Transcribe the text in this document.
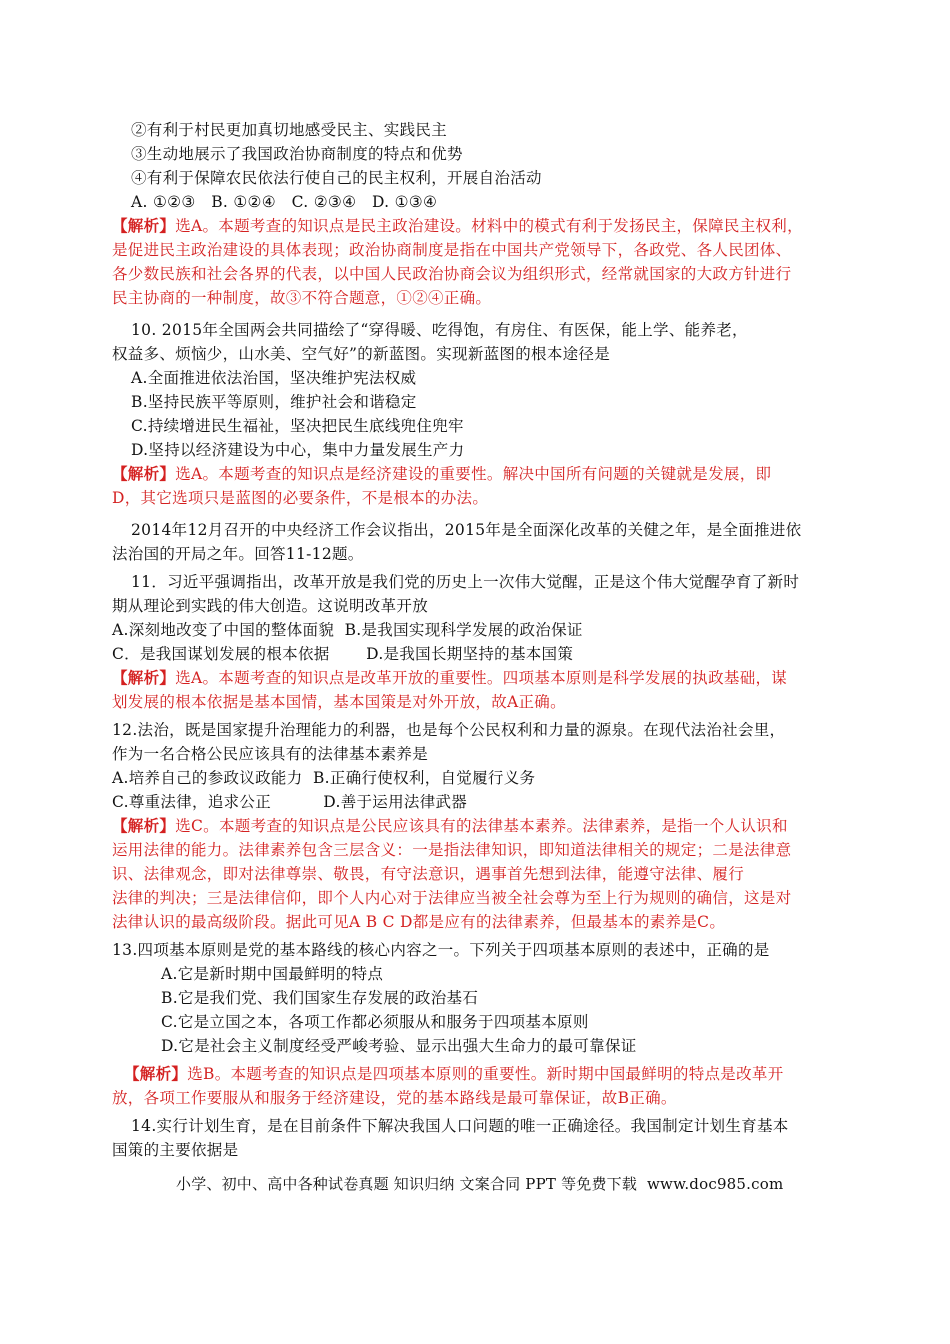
②有利于村民更加真切地感受民主、实践民主
③生动地展示了我国政治协商制度的特点和优势
④有利于保障农民依法行使自己的民主权利，开展自治活动
A. ①②③   B. ①②④   C. ②③④   D. ①③④
【解析】选A。本题考查的知识点是民主政治建设。材料中的模式有利于发扬民主，保障民主权利，
是促进民主政治建设的具体表现；政治协商制度是指在中国共产党领导下，各政党、各人民团体、
各少数民族和社会各界的代表，以中国人民政治协商会议为组织形式，经常就国家的大政方针进行
民主协商的一种制度，故③不符合题意，①②④正确。
10. 2015年全国两会共同描绘了“穿得暖、吃得饱，有房住、有医保，能上学、能养老，
权益多、烦恼少，山水美、空气好”的新蓝图。实现新蓝图的根本途径是
A.全面推进依法治国，坚决维护宪法权威
B.坚持民族平等原则，维护社会和谐稳定
C.持续增进民生福祉，坚决把民生底线兜住兜牢
D.坚持以经济建设为中心，集中力量发展生产力
【解析】选A。本题考查的知识点是经济建设的重要性。解决中国所有问题的关键就是发展，即
D，其它选项只是蓝图的必要条件，不是根本的办法。
2014年12月召开的中央经济工作会议指出，2015年是全面深化改革的关健之年，是全面推进依
法治国的开局之年。回答11-12题。
11．习近平强调指出，改革开放是我们党的历史上一次伟大觉醒，正是这个伟大觉醒孕育了新时
期从理论到实践的伟大创造。这说明改革开放
A.深刻地改变了中国的整体面貌  B.是我国实现科学发展的政治保证
C．是我国谋划发展的根本依据       D.是我国长期坚持的基本国策
【解析】选A。本题考查的知识点是改革开放的重要性。四项基本原则是科学发展的执政基础，谋
划发展的根本依据是基本国情，基本国策是对外开放，故A正确。
12.法治，既是国家提升治理能力的利器，也是每个公民权利和力量的源泉。在现代法治社会里，
作为一名合格公民应该具有的法律基本素养是
A.培养自己的参政议政能力  B.正确行使权利，自觉履行义务
C.尊重法律，追求公正          D.善于运用法律武器
【解析】选C。本题考查的知识点是公民应该具有的法律基本素养。法律素养，是指一个人认识和
运用法律的能力。法律素养包含三层含义：一是指法律知识，即知道法律相关的规定；二是法律意
识、法律观念，即对法律尊崇、敬畏，有守法意识，遇事首先想到法律，能遵守法律、履行
法律的判决；三是法律信仰，即个人内心对于法律应当被全社会尊为至上行为规则的确信，这是对
法律认识的最高级阶段。据此可见A B C D都是应有的法律素养，但最基本的素养是C。
13.四项基本原则是党的基本路线的核心内容之一。下列关于四项基本原则的表述中，正确的是
A.它是新时期中国最鲜明的特点
B.它是我们党、我们国家生存发展的政治基石
C.它是立国之本，各项工作都必须服从和服务于四项基本原则
D.它是社会主义制度经受严峻考验、显示出强大生命力的最可靠保证
【解析】选B。本题考查的知识点是四项基本原则的重要性。新时期中国最鲜明的特点是改革开
放，各项工作要服从和服务于经济建设，党的基本路线是最可靠保证，故B正确。
14.实行计划生育，是在目前条件下解决我国人口问题的唯一正确途径。我国制定计划生育基本
国策的主要依据是
小学、初中、高中各种试卷真题 知识归纳 文案合同 PPT 等免费下载  www.doc985.com
